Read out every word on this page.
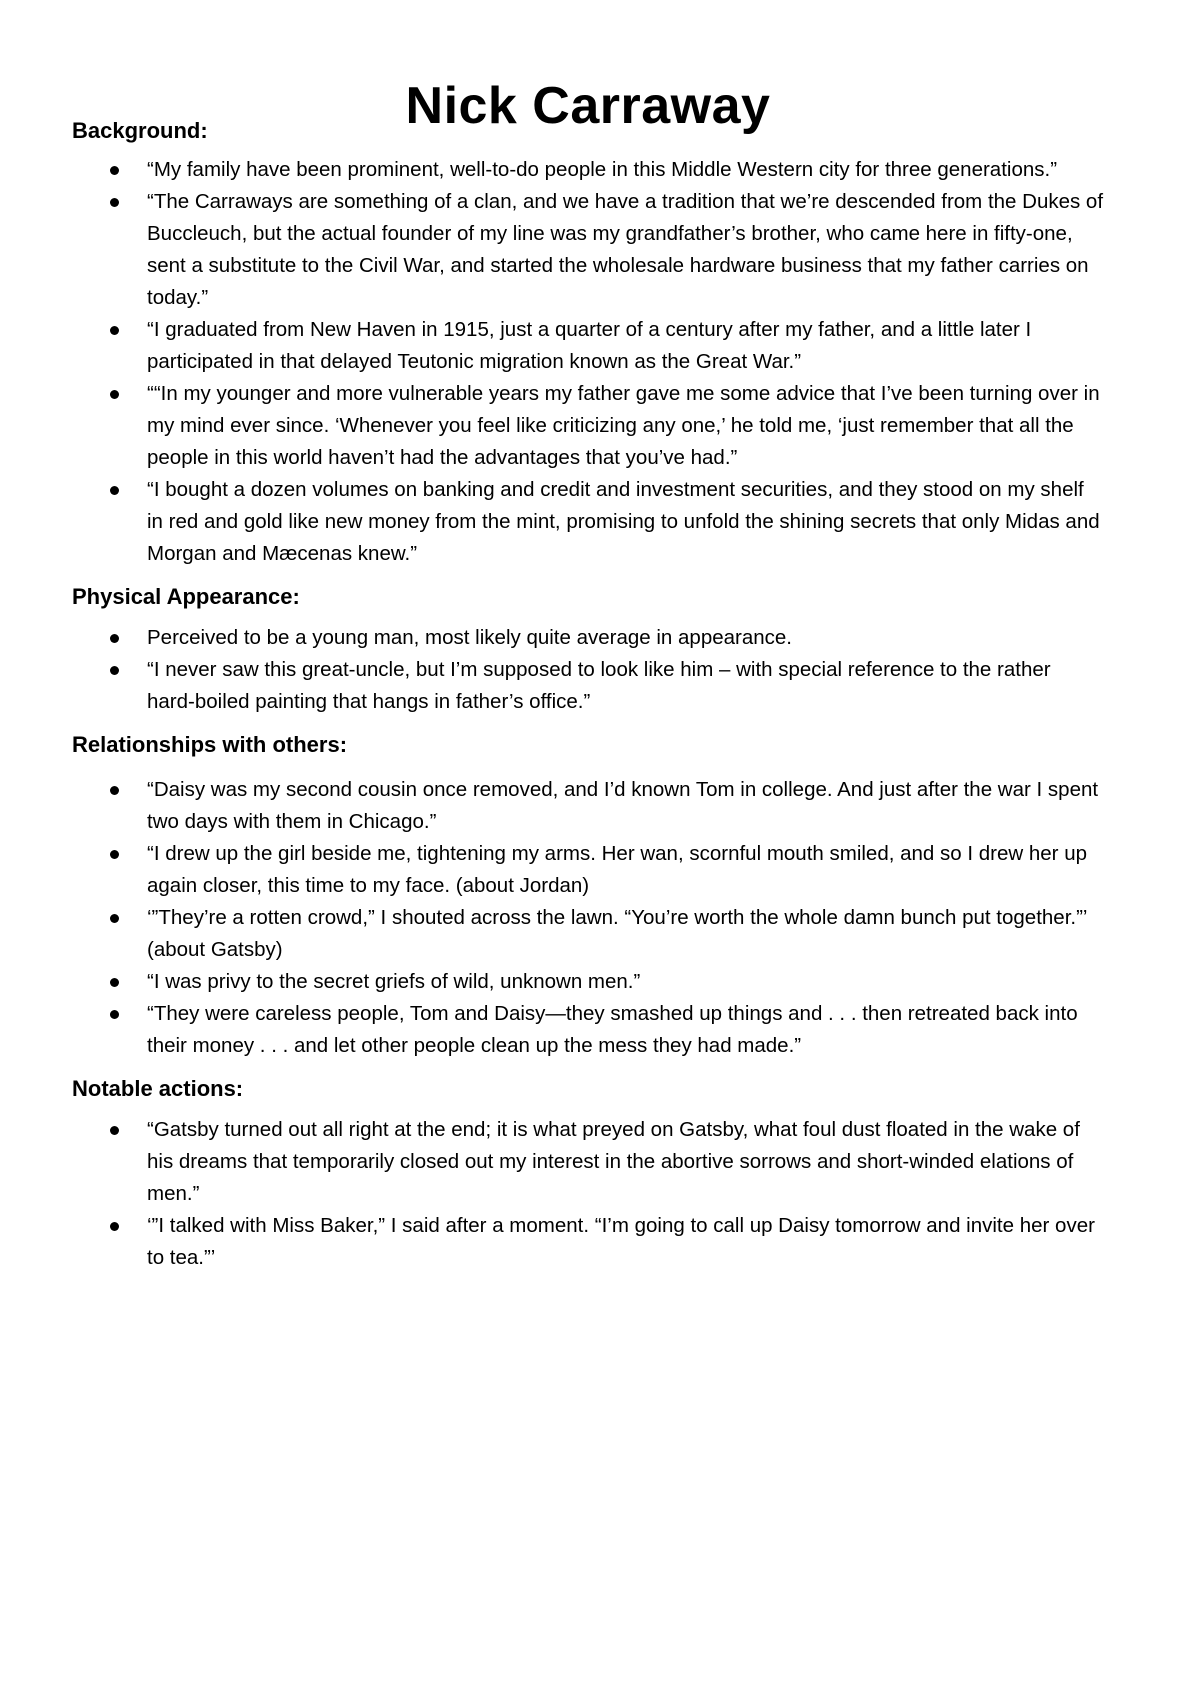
Nick Carraway
Background:
“My family have been prominent, well-to-do people in this Middle Western city for three generations.”
“The Carraways are something of a clan, and we have a tradition that we’re descended from the Dukes of Buccleuch, but the actual founder of my line was my grandfather’s brother, who came here in fifty-one, sent a substitute to the Civil War, and started the wholesale hardware business that my father carries on today.”
“I graduated from New Haven in 1915, just a quarter of a century after my father, and a little later I participated in that delayed Teutonic migration known as the Great War.”
““In my younger and more vulnerable years my father gave me some advice that I’ve been turning over in my mind ever since. ‘Whenever you feel like criticizing any one,’ he told me, ‘just remember that all the people in this world haven’t had the advantages that you’ve had.”
“I bought a dozen volumes on banking and credit and investment securities, and they stood on my shelf in red and gold like new money from the mint, promising to unfold the shining secrets that only Midas and Morgan and Mæcenas knew.”
Physical Appearance:
Perceived to be a young man, most likely quite average in appearance.
“I never saw this great-uncle, but I’m supposed to look like him – with special reference to the rather hard-boiled painting that hangs in father’s office.”
Relationships with others:
“Daisy was my second cousin once removed, and I’d known Tom in college. And just after the war I spent two days with them in Chicago.”
“I drew up the girl beside me, tightening my arms. Her wan, scornful mouth smiled, and so I drew her up again closer, this time to my face. (about Jordan)
‘”They’re a rotten crowd,” I shouted across the lawn. “You’re worth the whole damn bunch put together.”’ (about Gatsby)
“I was privy to the secret griefs of wild, unknown men.”
“They were careless people, Tom and Daisy—they smashed up things and . . . then retreated back into their money . . . and let other people clean up the mess they had made.”
Notable actions:
“Gatsby turned out all right at the end; it is what preyed on Gatsby, what foul dust floated in the wake of his dreams that temporarily closed out my interest in the abortive sorrows and short-winded elations of men.”
‘”I talked with Miss Baker,” I said after a moment. “I’m going to call up Daisy tomorrow and invite her over to tea.”’
